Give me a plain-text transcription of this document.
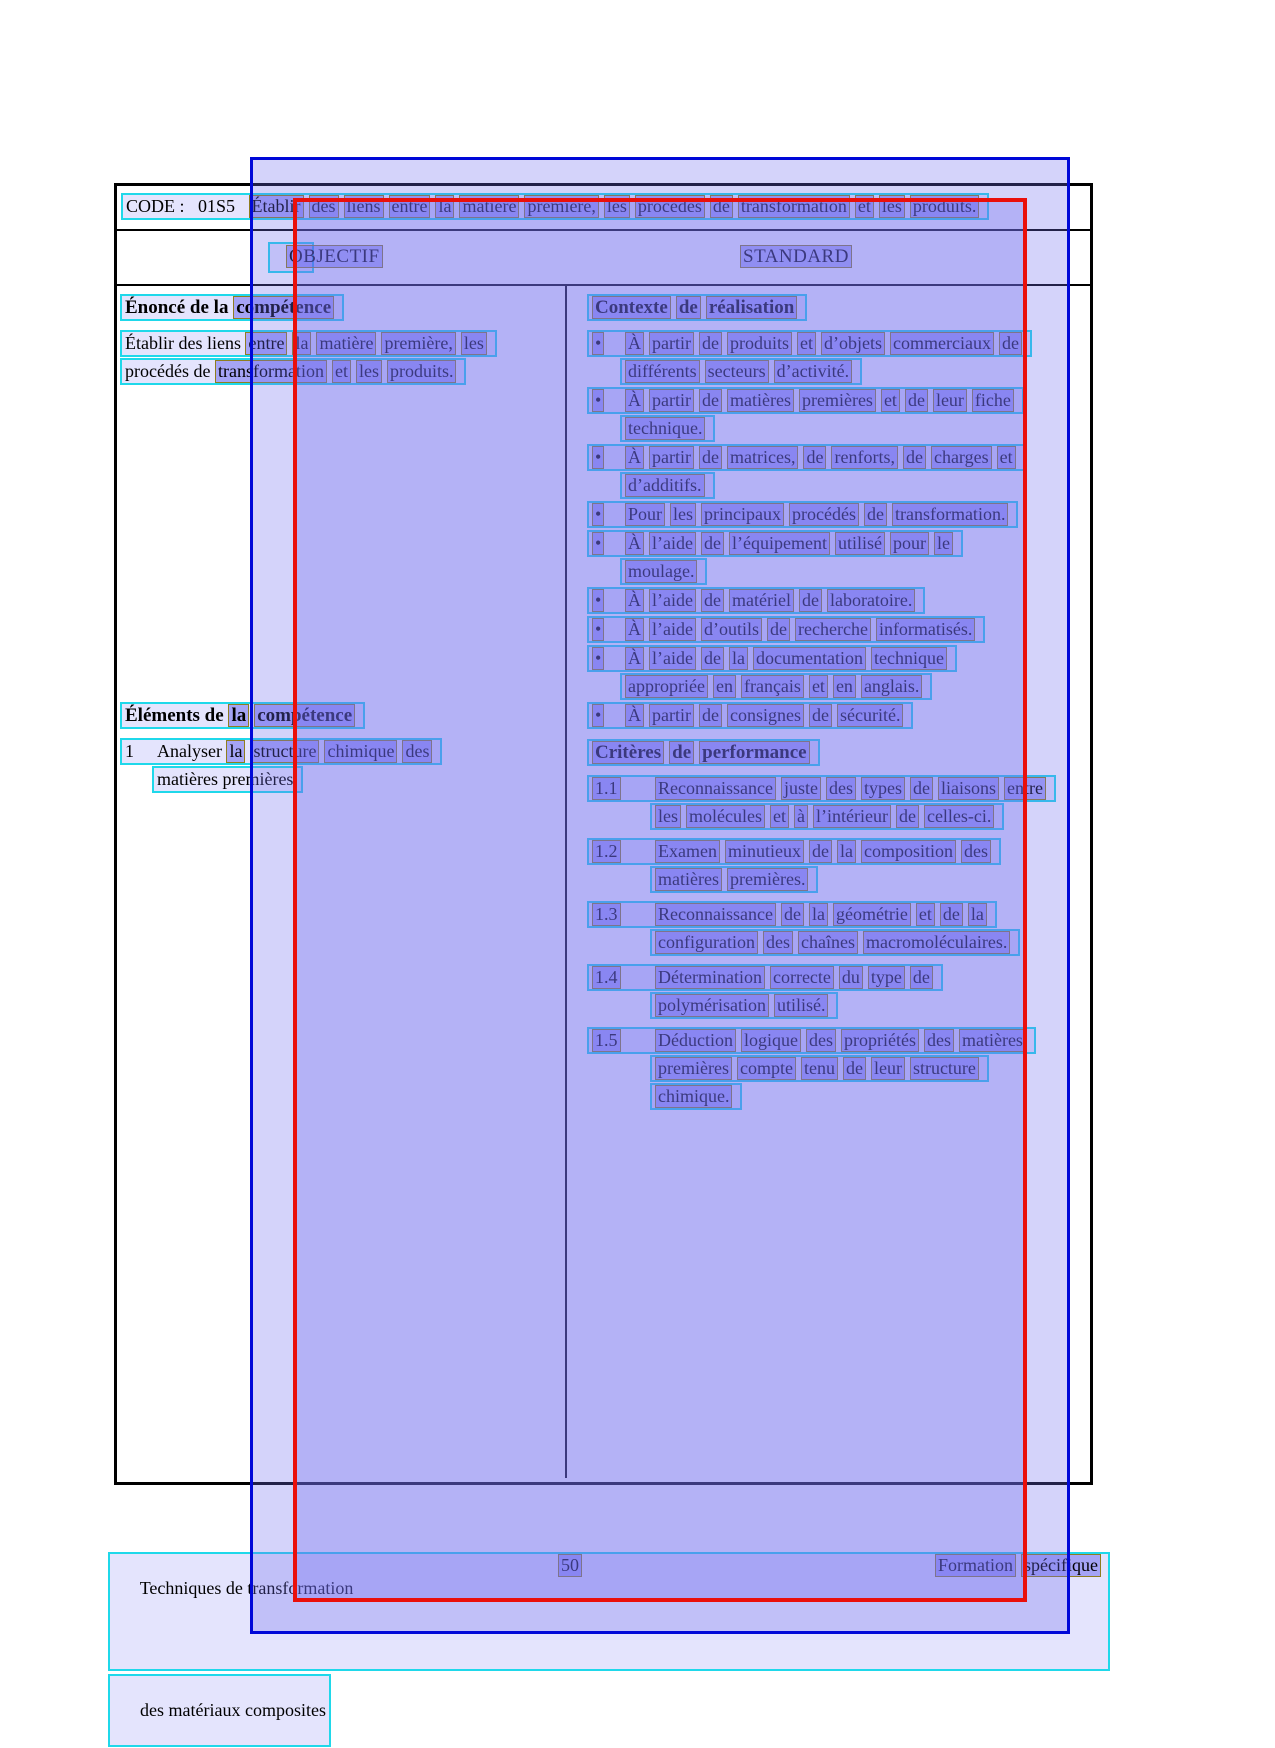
CODE :   01S5   Établir des liens entre la matière première, les procédés de transformation et les produits.

OBJECTIF

	STANDARD

Énoncé de la compétence
Établir des liens entre la matière première, les
procédés de transformation et les produits.
Éléments de la compétence
1 Analyser la structure chimique des
matières premières.
Contexte de réalisation
• À partir de produits et d’objets commerciaux de
différents secteurs d’activité.
• À partir de matières premières et de leur fiche
technique.
• À partir de matrices, de renforts, de charges et
d’additifs.
• Pour les principaux procédés de transformation.
• À l’aide de l’équipement utilisé pour le
moulage.
• À l’aide de matériel de laboratoire.
• À l’aide d’outils de recherche informatisés.
• À l’aide de la documentation technique
appropriée en français et en anglais.
• À partir de consignes de sécurité.
Critères de performance
1.1 Reconnaissance juste des types de liaisons entre
les molécules et à l’intérieur de celles-ci.
1.2 Examen minutieux de la composition des
matières premières.
1.3 Reconnaissance de la géométrie et de la
configuration des chaînes macromoléculaires.
1.4 Détermination correcte du type de
polymérisation utilisé.
1.5 Déduction logique des propriétés des matières
premières compte tenu de leur structure
chimique.

Techniques de transformation

50

	Formation spécifique

des matériaux composites
